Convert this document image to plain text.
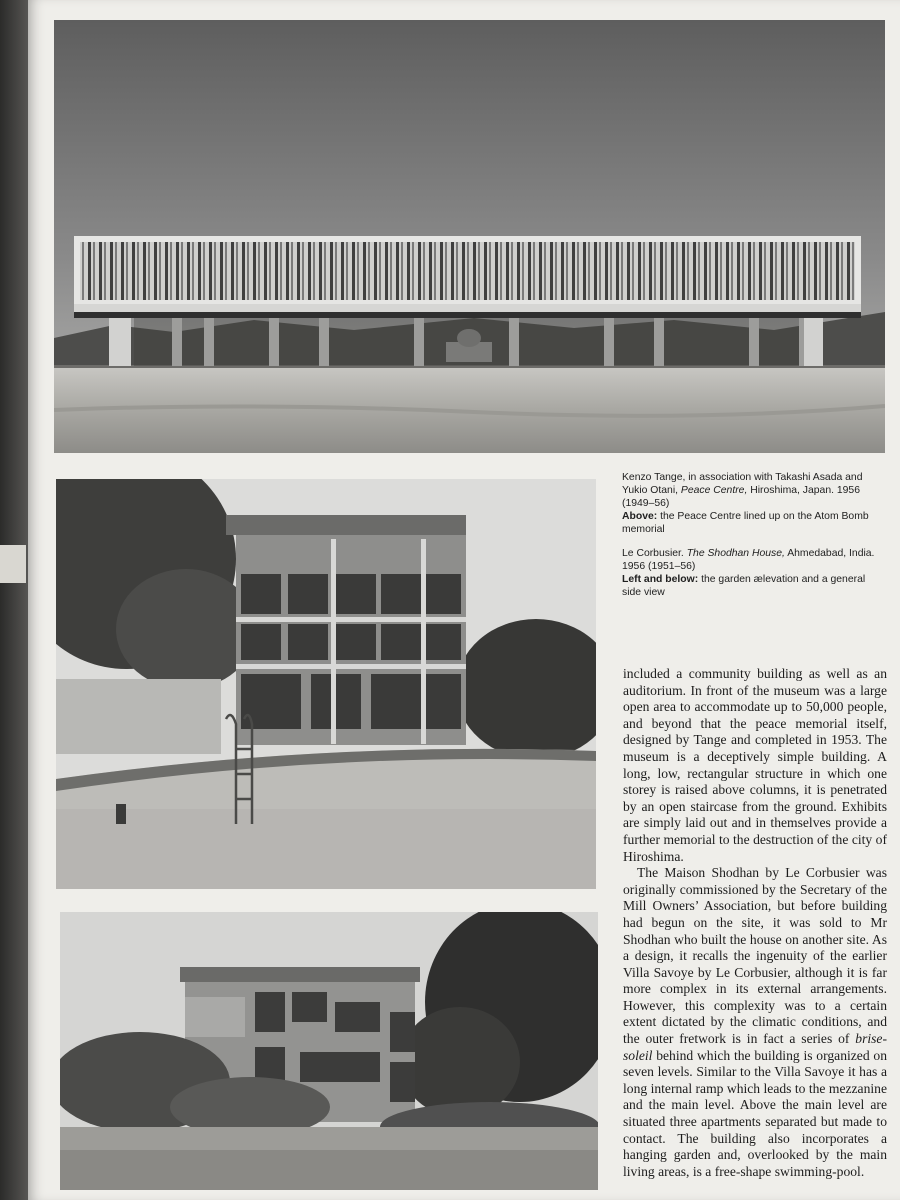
Kenzo Tange, in association with Takashi Asada and Yukio Otani, Peace Centre, Hiroshima, Japan. 1956 (1949–56)
Above: the Peace Centre lined up on the Atom Bomb memorial
Le Corbusier. The Shodhan House, Ahmedabad, India. 1956 (1951–56)
Left and below: the garden ælevation and a general side view

included a community building as well as an auditorium. In front of the museum was a large open area to accommodate up to 50,000 people, and beyond that the peace memorial itself, designed by Tange and completed in 1953. The museum is a deceptively simple building. A long, low, rectangular structure in which one storey is raised above columns, it is penetrated by an open staircase from the ground. Exhibits are simply laid out and in themselves provide a further memorial to the destruction of the city of Hiroshima.

The Maison Shodhan by Le Corbusier was originally commissioned by the Secretary of the Mill Owners’ Association, but before building had begun on the site, it was sold to Mr Shodhan who built the house on another site. As a design, it recalls the ingenuity of the earlier Villa Savoye by Le Corbusier, although it is far more complex in its external arrangements. However, this complexity was to a certain extent dictated by the climatic conditions, and the outer fretwork is in fact a series of brise-soleil behind which the building is organized on seven levels. Similar to the Villa Savoye it has a long internal ramp which leads to the mezzanine and the main level. Above the main level are situated three apartments separated but made to contact. The building also incorporates a hanging garden and, overlooked by the main living areas, is a free-shape swimming-pool.
